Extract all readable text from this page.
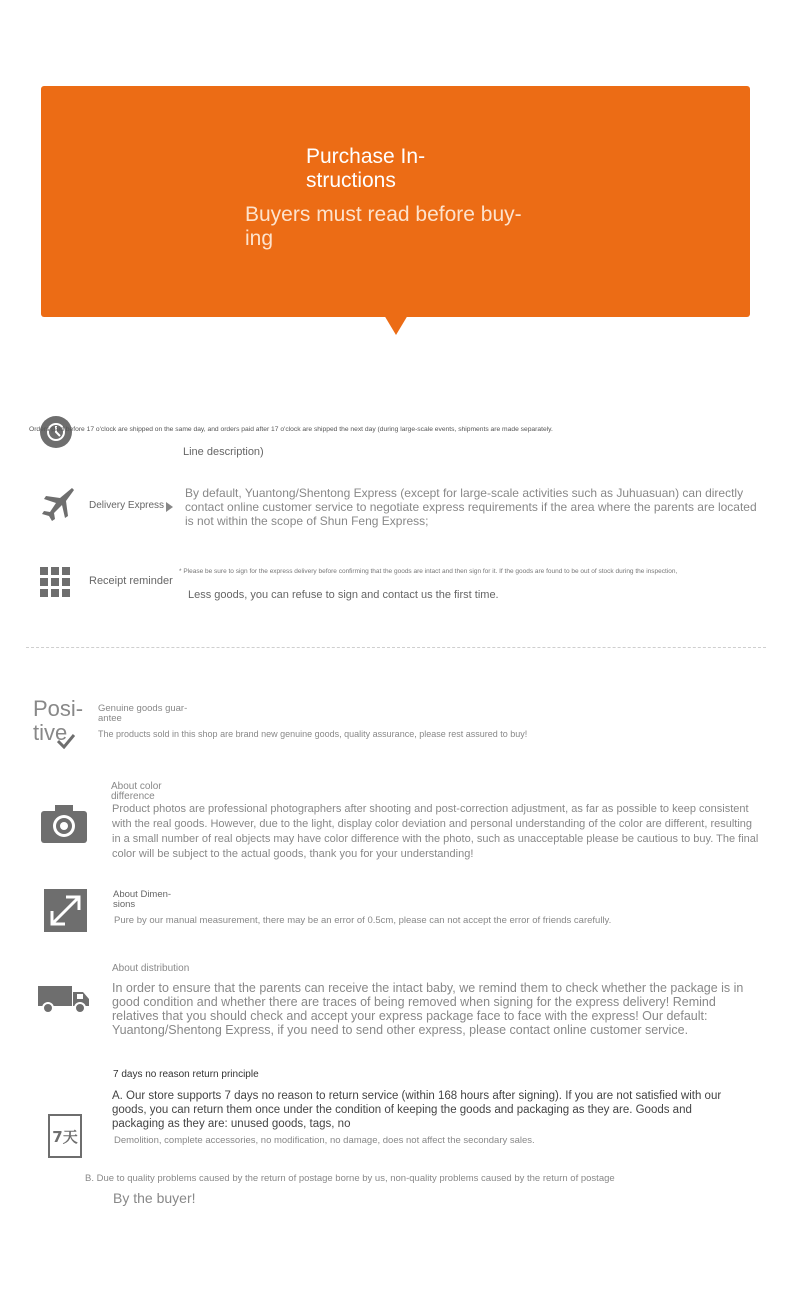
Purchase In-
structions
Buyers must read before buy-
ing
Orders paid before 17 o'clock are shipped on the same day, and orders paid after 17 o'clock are shipped the next day (during large-scale events, shipments are made separately.
Line description)
Delivery Express
By default, Yuantong/Shentong Express (except for large-scale activities such as Juhuasuan) can directly contact online customer service to negotiate express requirements if the area where the parents are located is not within the scope of Shun Feng Express;
Receipt reminder
* Please be sure to sign for the express delivery before confirming that the goods are intact and then sign for it. If the goods are found to be out of stock during the inspection,
Less goods, you can refuse to sign and contact us the first time.
Posi-
tive
Genuine goods guar-
antee
The products sold in this shop are brand new genuine goods, quality assurance, please rest assured to buy!
About color
difference
Product photos are professional photographers after shooting and post-correction adjustment, as far as possible to keep consistent with the real goods. However, due to the light, display color deviation and personal understanding of the color are different, resulting in a small number of real objects may have color difference with the photo, such as unacceptable please be cautious to buy. The final color will be subject to the actual goods, thank you for your understanding!
About Dimen-
sions
Pure by our manual measurement, there may be an error of 0.5cm, please can not accept the error of friends carefully.
About distribution
In order to ensure that the parents can receive the intact baby, we remind them to check whether the package is in good condition and whether there are traces of being removed when signing for the express delivery! Remind relatives that you should check and accept your express package face to face with the express! Our default: Yuantong/Shentong Express, if you need to send other express, please contact online customer service.
7 days no reason return principle
A. Our store supports 7 days no reason to return service (within 168 hours after signing). If you are not satisfied with our goods, you can return them once under the condition of keeping the goods and packaging as they are. Goods and packaging as they are: unused goods, tags, no
7天	Demolition, complete accessories, no modification, no damage, does not affect the secondary sales.
B. Due to quality problems caused by the return of postage borne by us, non-quality problems caused by the return of postage
By the buyer!
